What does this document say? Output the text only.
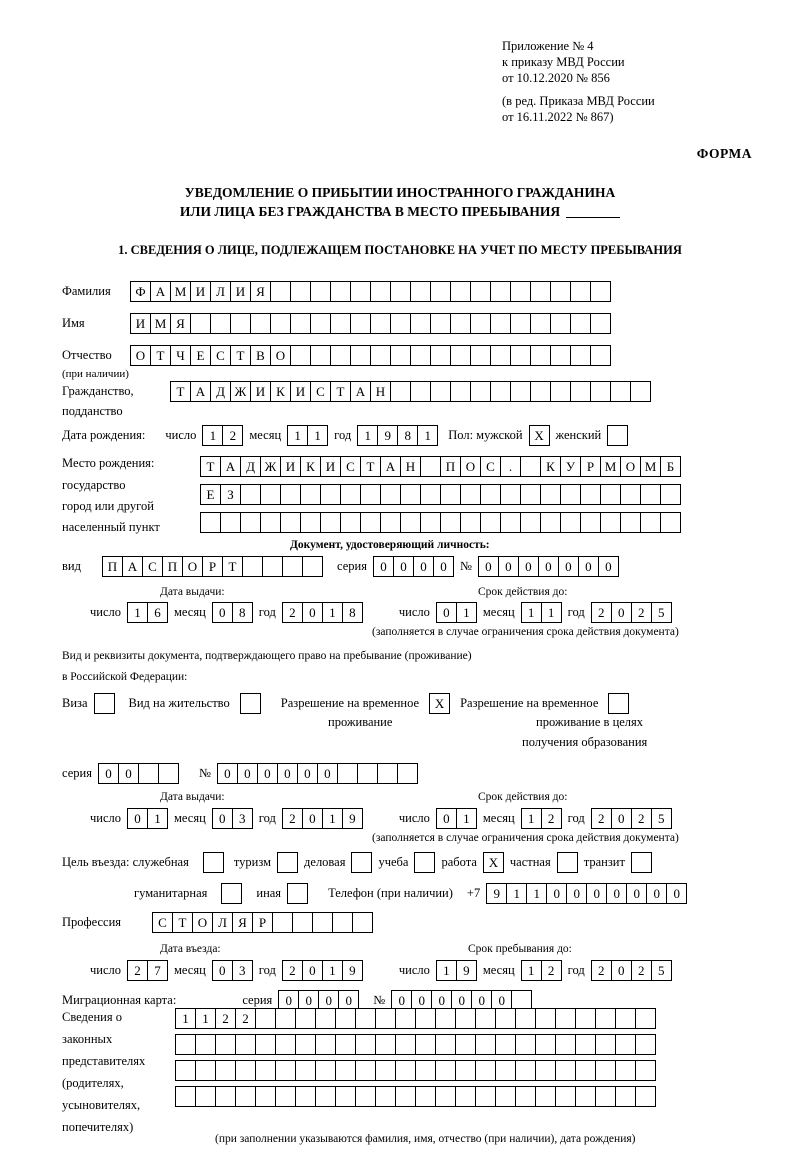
Приложение № 4
к приказу МВД России
от 10.12.2020 № 856
(в ред. Приказа МВД России
от 16.11.2022 № 867)
ФОРМА
УВЕДОМЛЕНИЕ О ПРИБЫТИИ ИНОСТРАННОГО ГРАЖДАНИНА
ИЛИ ЛИЦА БЕЗ ГРАЖДАНСТВА В МЕСТО ПРЕБЫВАНИЯ
1. СВЕДЕНИЯ О ЛИЦЕ, ПОДЛЕЖАЩЕМ ПОСТАНОВКЕ НА УЧЕТ ПО МЕСТУ ПРЕБЫВАНИЯ
Фамилия	Ф А М И Л И Я
Имя	И М Я
Отчество	О Т Ч Е С Т В О
(при наличии)
Гражданство,	Т А Д Ж И К И С Т А Н
подданство
Дата рождения: число	1	2	месяц	1	1	год	1	9	8	1	Пол: мужской X женский
Место рождения:	Т А Д Ж И К И С Т А Н	П О С	.	К У Р М О М Б
государство
Е З
город или другой
населенный пункт
Документ, удостоверяющий личность:
вид	П А С П О Р Т	серия	0	0	0	0	№	0	0	0	0	0	0	0
Дата выдачи:	Срок действия до:
число	1	6	месяц	0	8	год	2	0	1	8	число	0	1	месяц	1	1	год	2	0	2	5
(заполняется в случае ограничения срока действия документа)
Вид и реквизиты документа, подтверждающего право на пребывание (проживание)
в Российской Федерации:
Виза	Вид на жительство	Разрешение на временное	X	Разрешение на временное
проживание	проживание в целях
получения образования
серия	0	0	№	0	0	0	0	0	0
Дата выдачи:	Срок действия до:
число	0	1	месяц	0	3	год	2	0	1	9	число	0	1	месяц	1	2	год	2	0	2	5
(заполняется в случае ограничения срока действия документа)
Цель въезда: служебная	туризм	деловая	учеба	работа X частная	транзит
гуманитарная	иная	Телефон (при наличии) +7	9	1	1	0	0	0	0	0	0	0
Профессия	С Т О Л Я Р
Дата въезда:	Срок пребывания до:
число	2	7	месяц	0	3	год	2	0	1	9	число	1	9	месяц	1	2	год	2	0	2	5
Миграционная карта:	серия	0	0	0	0	№	0	0	0	0	0	0
Сведения о
законных
представителях
(родителях,
усыновителях,
попечителях)
1	1	2	2
(при заполнении указываются фамилия, имя, отчество (при наличии), дата рождения)
